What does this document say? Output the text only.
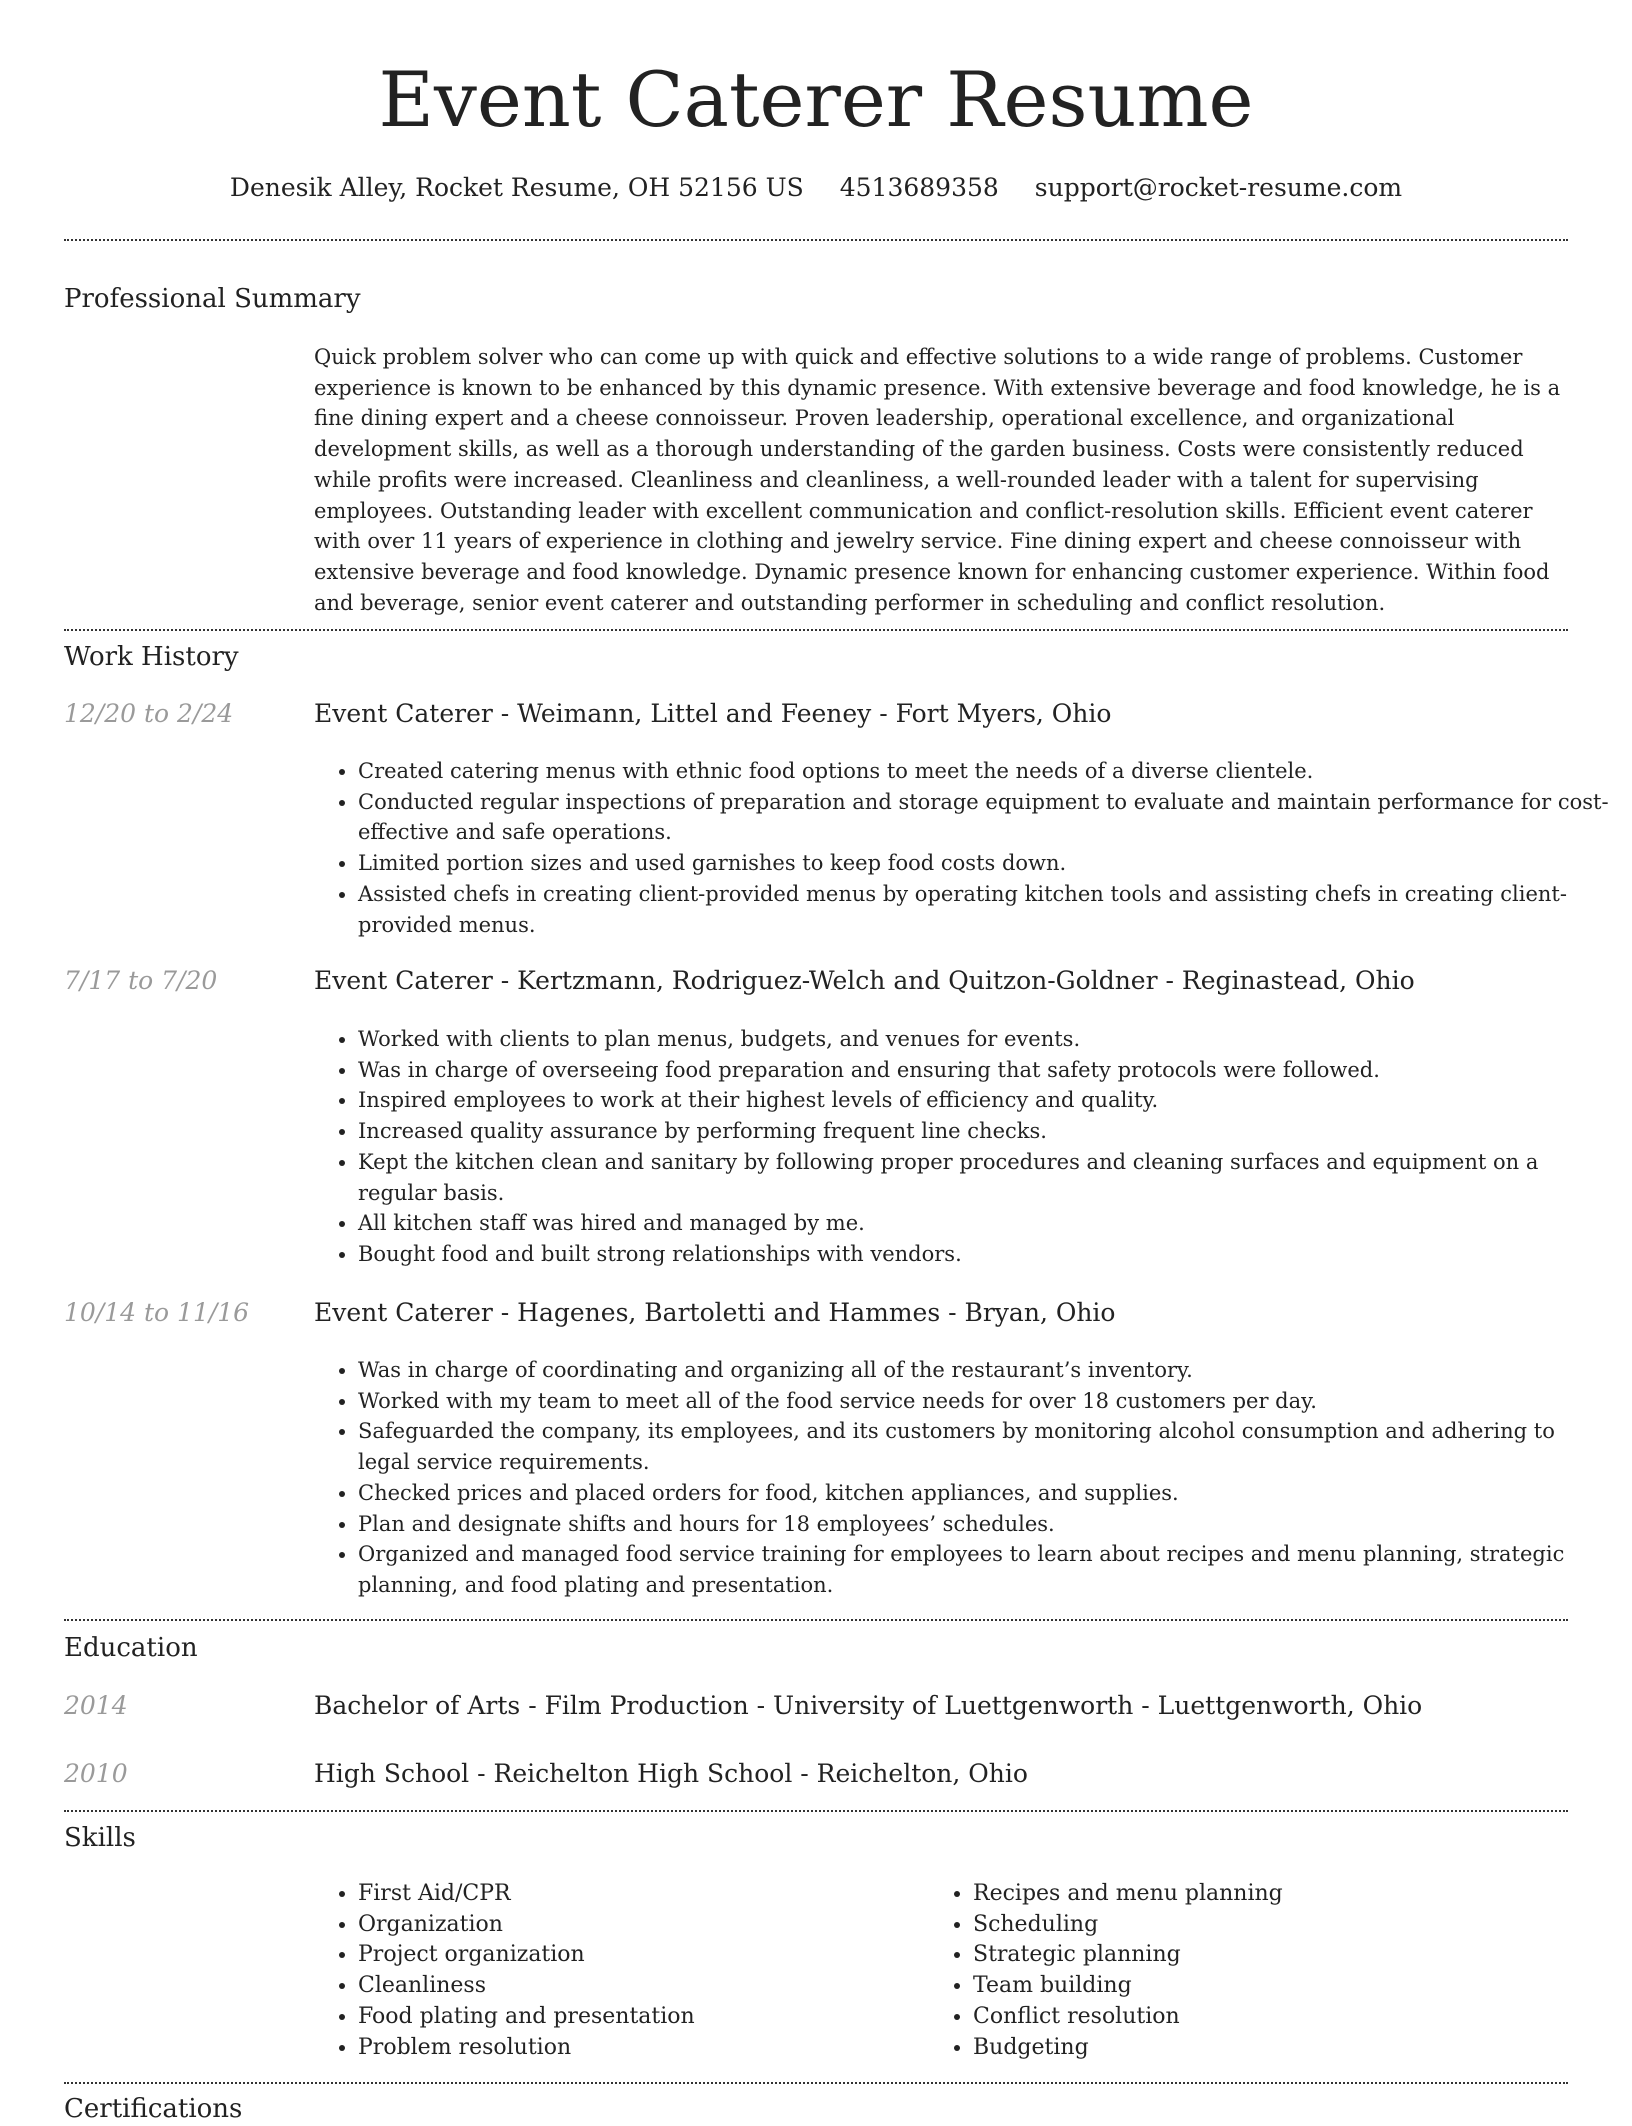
Event Caterer Resume
Denesik Alley, Rocket Resume, OH 52156 US 4513689358 support@rocket-resume.com
Professional Summary

Quick problem solver who can come up with quick and effective solutions to a wide range of problems. Customer experience is known to be enhanced by this dynamic presence. With extensive beverage and food knowledge, he is a fine dining expert and a cheese connoisseur. Proven leadership, operational excellence, and organizational development skills, as well as a thorough understanding of the garden business. Costs were consistently reduced while profits were increased. Cleanliness and cleanliness, a well-rounded leader with a talent for supervising employees. Outstanding leader with excellent communication and conflict-resolution skills. Efficient event caterer with over 11 years of experience in clothing and jewelry service. Fine dining expert and cheese connoisseur with extensive beverage and food knowledge. Dynamic presence known for enhancing customer experience. Within food and beverage, senior event caterer and outstanding performer in scheduling and conflict resolution.

Work History
12/20 to 2/24	Event Caterer - Weimann, Littel and Feeney - Fort Myers, Ohio
• Created catering menus with ethnic food options to meet the needs of a diverse clientele.
• Conducted regular inspections of preparation and storage equipment to evaluate and maintain performance for cost-effective and safe operations.
• Limited portion sizes and used garnishes to keep food costs down.
• Assisted chefs in creating client-provided menus by operating kitchen tools and assisting chefs in creating client-provided menus.
7/17 to 7/20	Event Caterer - Kertzmann, Rodriguez-Welch and Quitzon-Goldner - Reginastead, Ohio
• Worked with clients to plan menus, budgets, and venues for events.
• Was in charge of overseeing food preparation and ensuring that safety protocols were followed.
• Inspired employees to work at their highest levels of efficiency and quality.
• Increased quality assurance by performing frequent line checks.
• Kept the kitchen clean and sanitary by following proper procedures and cleaning surfaces and equipment on a regular basis.
• All kitchen staff was hired and managed by me.
• Bought food and built strong relationships with vendors.
10/14 to 11/16	Event Caterer - Hagenes, Bartoletti and Hammes - Bryan, Ohio
• Was in charge of coordinating and organizing all of the restaurant’s inventory.
• Worked with my team to meet all of the food service needs for over 18 customers per day.
• Safeguarded the company, its employees, and its customers by monitoring alcohol consumption and adhering to legal service requirements.
• Checked prices and placed orders for food, kitchen appliances, and supplies.
• Plan and designate shifts and hours for 18 employees’ schedules.
• Organized and managed food service training for employees to learn about recipes and menu planning, strategic planning, and food plating and presentation.
Education
2014	Bachelor of Arts - Film Production - University of Luettgenworth - Luettgenworth, Ohio
2010	High School - Reichelton High School - Reichelton, Ohio
Skills
• First Aid/CPR
• Organization
• Project organization
• Cleanliness
• Food plating and presentation
• Problem resolution
• Recipes and menu planning
• Scheduling
• Strategic planning
• Team building
• Conflict resolution
• Budgeting
Certifications
